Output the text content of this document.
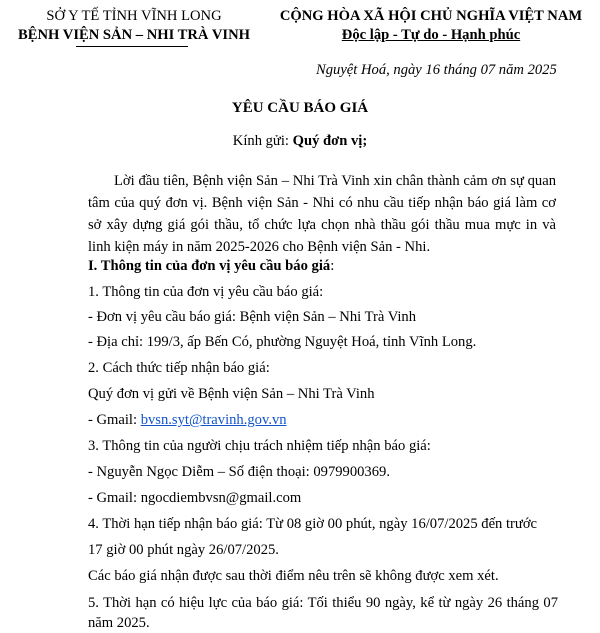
SỞ Y TẾ TỈNH VĨNH LONG
BỆNH VIỆN SẢN – NHI TRÀ VINH
CỘNG HÒA XÃ HỘI CHỦ NGHĨA VIỆT NAM
Độc lập - Tự do - Hạnh phúc
Nguyệt Hoá, ngày 16 tháng 07 năm 2025
YÊU CẦU BÁO GIÁ
Kính gửi: Quý đơn vị;
Lời đầu tiên, Bệnh viện Sản – Nhi Trà Vinh xin chân thành cảm ơn sự quan tâm của quý đơn vị. Bệnh viện Sản - Nhi có nhu cầu tiếp nhận báo giá làm cơ sở xây dựng giá gói thầu, tổ chức lựa chọn nhà thầu gói thầu mua mực in và linh kiện máy in năm 2025-2026 cho Bệnh viện Sản - Nhi.
I. Thông tin của đơn vị yêu cầu báo giá:
1. Thông tin của đơn vị yêu cầu báo giá:
- Đơn vị yêu cầu báo giá: Bệnh viện Sản – Nhi Trà Vinh
- Địa chỉ: 199/3, ấp Bến Có, phường Nguyệt Hoá, tỉnh Vĩnh Long.
2. Cách thức tiếp nhận báo giá:
Quý đơn vị gửi về Bệnh viện Sản – Nhi Trà Vinh
- Gmail: bvsn.syt@travinh.gov.vn
3. Thông tin của người chịu trách nhiệm tiếp nhận báo giá:
- Nguyễn Ngọc Diễm – Số điện thoại: 0979900369.
- Gmail: ngocdiembvsn@gmail.com
4. Thời hạn tiếp nhận báo giá: Từ 08 giờ 00 phút, ngày 16/07/2025 đến trước
17 giờ 00 phút ngày 26/07/2025.
Các báo giá nhận được sau thời điểm nêu trên sẽ không được xem xét.
5. Thời hạn có hiệu lực của báo giá: Tối thiểu 90 ngày, kể từ ngày 26 tháng 07 năm 2025.
